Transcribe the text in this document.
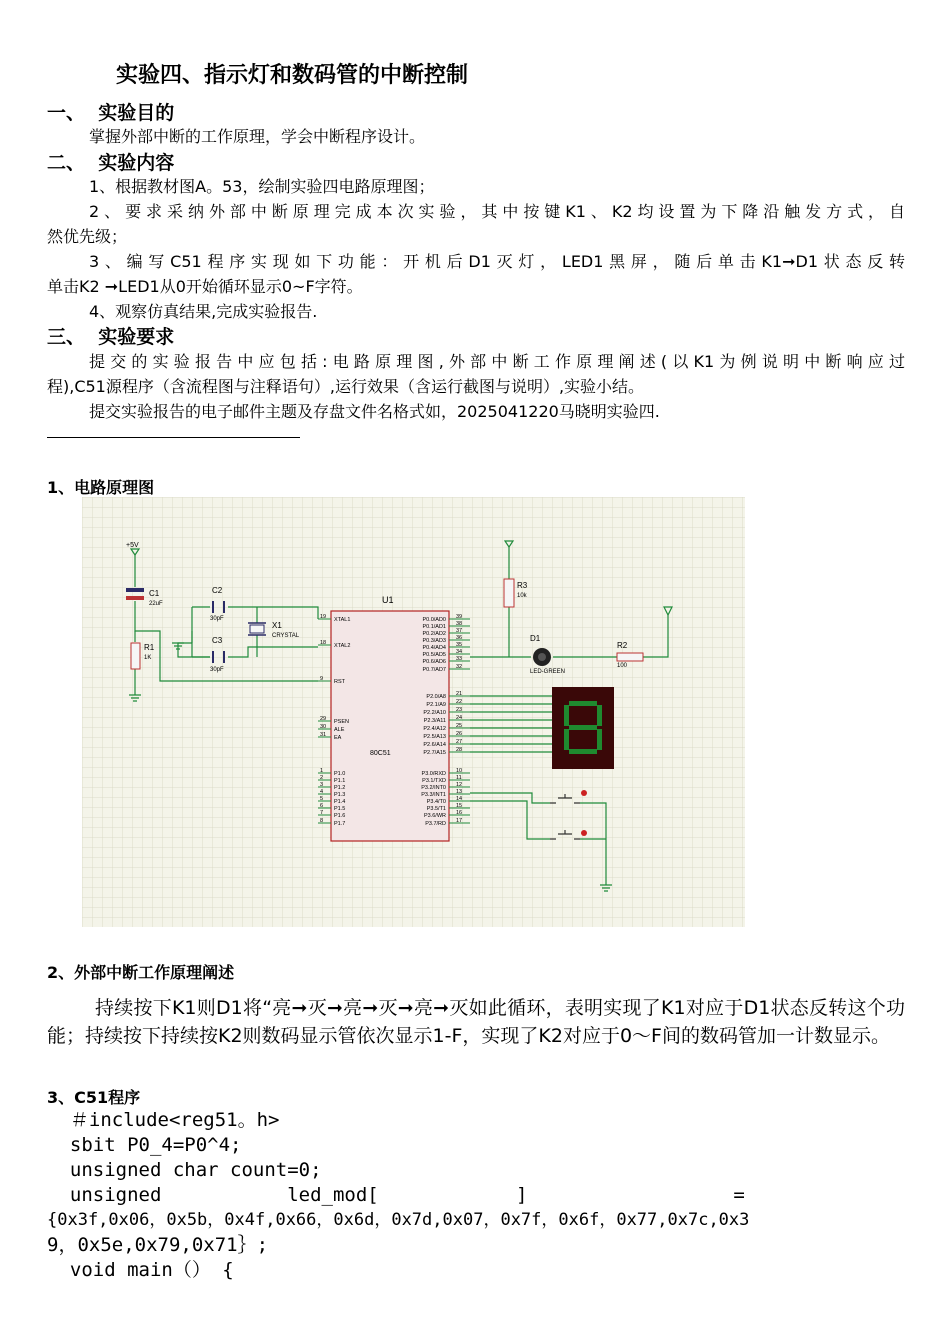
实验四、指示灯和数码管的中断控制
一、  实验目的
掌握外部中断的工作原理，学会中断程序设计。
二、  实验内容
1、根据教材图A。53，绘制实验四电路原理图；
2、要求采纳外部中断原理完成本次实验，其中按键K1、K2均设置为下降沿触发方式，自
然优先级；
3、编写C51程序实现如下功能：开机后D1灭灯，LED1黑屏，随后单击K1➞D1状态反转
单击K2 ➞LED1从0开始循环显示0~F字符。
4、观察仿真结果,完成实验报告.
三、  实验要求
提交的实验报告中应包括:电路原理图,外部中断工作原理阐述(以K1为例说明中断响应过
程),C51源程序（含流程图与注释语句）,运行效果（含运行截图与说明）,实验小结。
提交实验报告的电子邮件主题及存盘文件名格式如，2025041220马晓明实验四.
1、电路原理图
+5V
C1
22uF
R1
1K
C2
30pF
C3
30pF
X1
CRYSTAL
U1
80C51
19 XTAL1
18 XTAL2
9 RST
29 PSEN
30 ALE
31 EA
1 P1.0
2 P1.1
3 P1.2
4 P1.3
5 P1.4
6 P1.5
7 P1.6
8 P1.7
39
P0.0/AD0
38
P0.1/AD1
37
P0.2/AD2
36
P0.3/AD3
35
P0.4/AD4
34
P0.5/AD5
33
P0.6/AD6
32
P0.7/AD7
21
P2.0/A8
22
P2.1/A9
23
P2.2/A10
24
P2.3/A11
25
P2.4/A12
26
P2.5/A13
27
P2.6/A14
28
P2.7/A15
10
P3.0/RXD
11
P3.1/TXD
12
P3.2/INT0
13
P3.3/INT1
14
P3.4/T0
15
P3.5/T1
16
P3.6/WR
17
P3.7/RD
R3
10k
D1
LED-GREEN
R2
100
2、外部中断工作原理阐述
持续按下K1则D1将“亮➞灭➞亮➞灭➞亮➞灭如此循环，表明实现了K1对应于D1状态反转这个功能；持续按下持续按K2则数码显示管依次显示1-F，实现了K2对应于0～F间的数码管加一计数显示。
3、C51程序
＃include<reg51。h>
sbit P0_4=P0^4;
unsigned char count=0;
unsigned           led_mod[            ]                  =
{0x3f,0x06，0x5b，0x4f,0x66，0x6d，0x7d,0x07，0x7f，0x6f，0x77,0x7c,0x3
9，0x5e,0x79,0x71｝;
void main（） {
